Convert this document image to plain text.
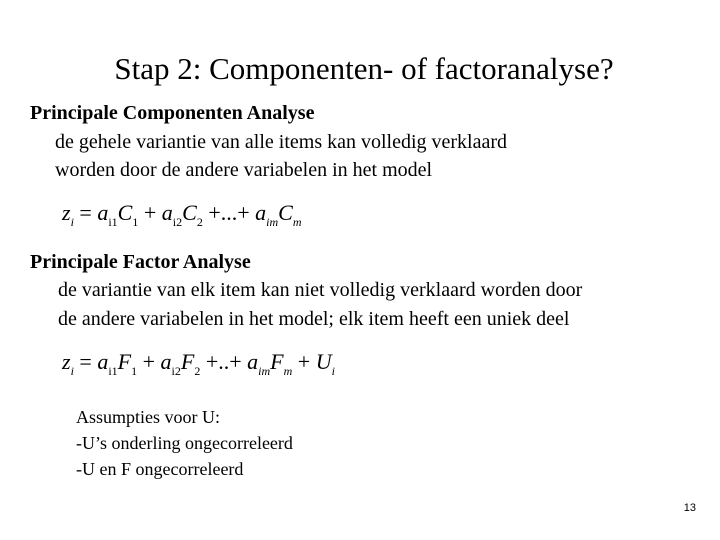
Stap 2: Componenten- of factoranalyse?
Principale Componenten Analyse
de gehele variantie van alle items kan volledig verklaard
worden door de andere variabelen in het model
$z_i = a_{i1}C_1 + a_{i2}C_2$ +...+ $a_{im}C_m$
Principale Factor Analyse
de variantie van elk item kan niet volledig verklaard worden door
de andere variabelen in het model; elk item heeft een uniek deel
$z_i = a_{i1}F_1 + a_{i2}F_2$ +..+ $a_{im}F_m + U_i$
Assumpties voor U:
-U’s onderling ongecorreleerd
-U en F ongecorreleerd
13
